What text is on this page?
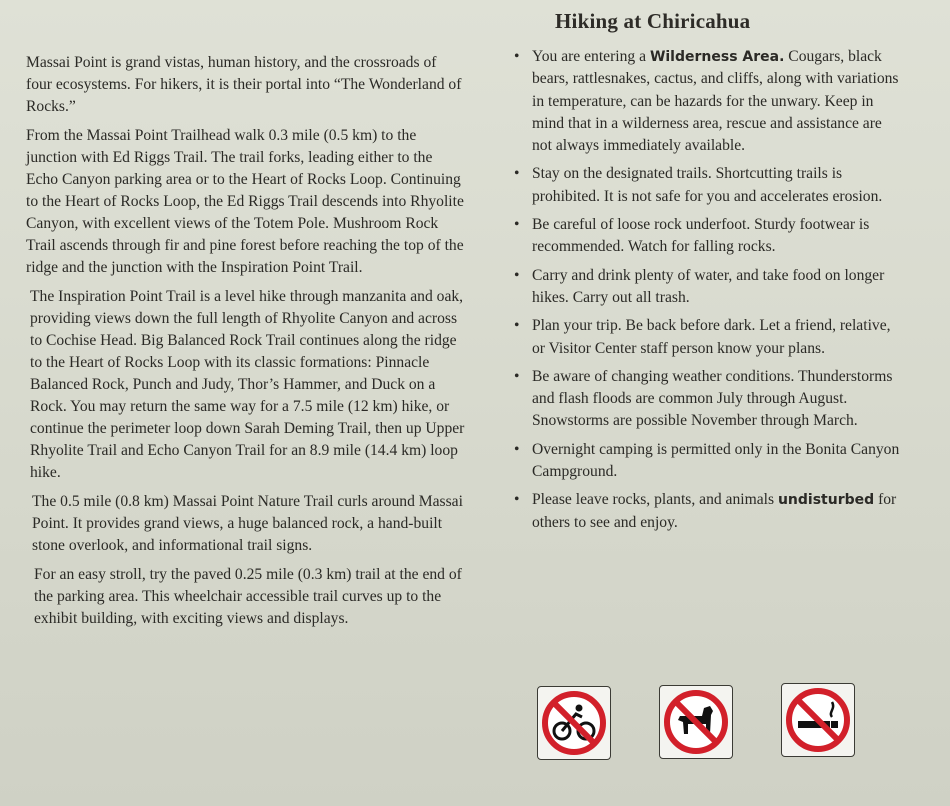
Massai Point is grand vistas, human history, and the crossroads of four ecosystems. For hikers, it is their portal into “The Wonderland of Rocks.”

From the Massai Point Trailhead walk 0.3 mile (0.5 km) to the junction with Ed Riggs Trail. The trail forks, leading either to the Echo Canyon parking area or to the Heart of Rocks Loop. Continuing to the Heart of Rocks Loop, the Ed Riggs Trail descends into Rhyolite Canyon, with excellent views of the Totem Pole. Mushroom Rock Trail ascends through fir and pine forest before reaching the top of the ridge and the junction with the Inspiration Point Trail.

The Inspiration Point Trail is a level hike through manzanita and oak, providing views down the full length of Rhyolite Canyon and across to Cochise Head. Big Balanced Rock Trail continues along the ridge to the Heart of Rocks Loop with its classic formations: Pinnacle Balanced Rock, Punch and Judy, Thor’s Hammer, and Duck on a Rock. You may return the same way for a 7.5 mile (12 km) hike, or continue the perimeter loop down Sarah Deming Trail, then up Upper Rhyolite Trail and Echo Canyon Trail for an 8.9 mile (14.4 km) loop hike.

The 0.5 mile (0.8 km) Massai Point Nature Trail curls around Massai Point. It provides grand views, a huge balanced rock, a hand-built stone overlook, and informational trail signs.

For an easy stroll, try the paved 0.25 mile (0.3 km) trail at the end of the parking area. This wheelchair accessible trail curves up to the exhibit building, with exciting views and displays.

Hiking at Chiricahua
• You are entering a Wilderness Area. Cougars, black bears, rattlesnakes, cactus, and cliffs, along with variations in temperature, can be hazards for the unwary. Keep in mind that in a wilderness area, rescue and assistance are not always immediately available.
• Stay on the designated trails. Shortcutting trails is prohibited. It is not safe for you and accelerates erosion.
• Be careful of loose rock underfoot. Sturdy footwear is recommended. Watch for falling rocks.
• Carry and drink plenty of water, and take food on longer hikes. Carry out all trash.
• Plan your trip. Be back before dark. Let a friend, relative, or Visitor Center staff person know your plans.
• Be aware of changing weather conditions. Thunderstorms and flash floods are common July through August. Snowstorms are possible November through March.
• Overnight camping is permitted only in the Bonita Canyon Campground.
• Please leave rocks, plants, and animals undisturbed for others to see and enjoy.
